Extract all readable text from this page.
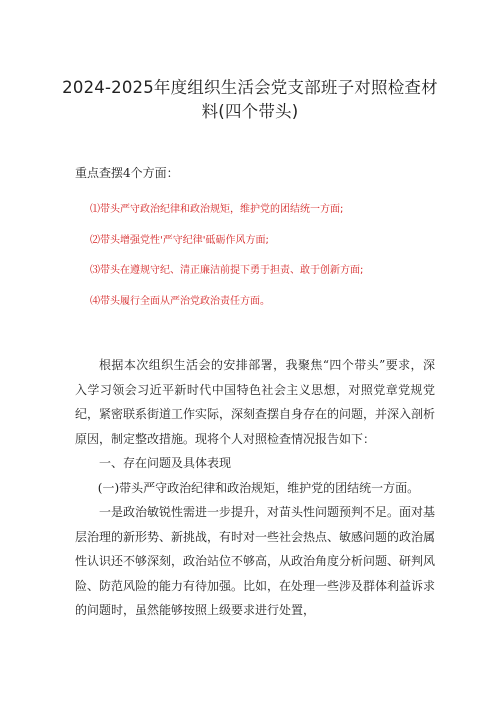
2024-2025年度组织生活会党支部班子对照检查材
料(四个带头)
重点查摆4个方面：
⑴带头严守政治纪律和政治规矩，维护党的团结统一方面;
⑵带头增强党性'严守纪律'砥砺作风方面;
⑶带头在遵规守纪、清正廉洁前提下勇于担责、敢于创新方面;
⑷带头履行全面从严治党政治责任方面。

根据本次组织生活会的安排部署，我聚焦“四个带头”要求，深入学习领会习近平新时代中国特色社会主义思想，对照党章党规党纪，紧密联系街道工作实际，深刻查摆自身存在的问题，并深入剖析原因，制定整改措施。现将个人对照检查情况报告如下：

一、存在问题及具体表现

(一)带头严守政治纪律和政治规矩，维护党的团结统一方面。

一是政治敏锐性需进一步提升，对苗头性问题预判不足。面对基层治理的新形势、新挑战，有时对一些社会热点、敏感问题的政治属性认识还不够深刻，政治站位不够高，从政治角度分析问题、研判风险、防范风险的能力有待加强。比如，在处理一些涉及群体利益诉求的问题时，虽然能够按照上级要求进行处置，
